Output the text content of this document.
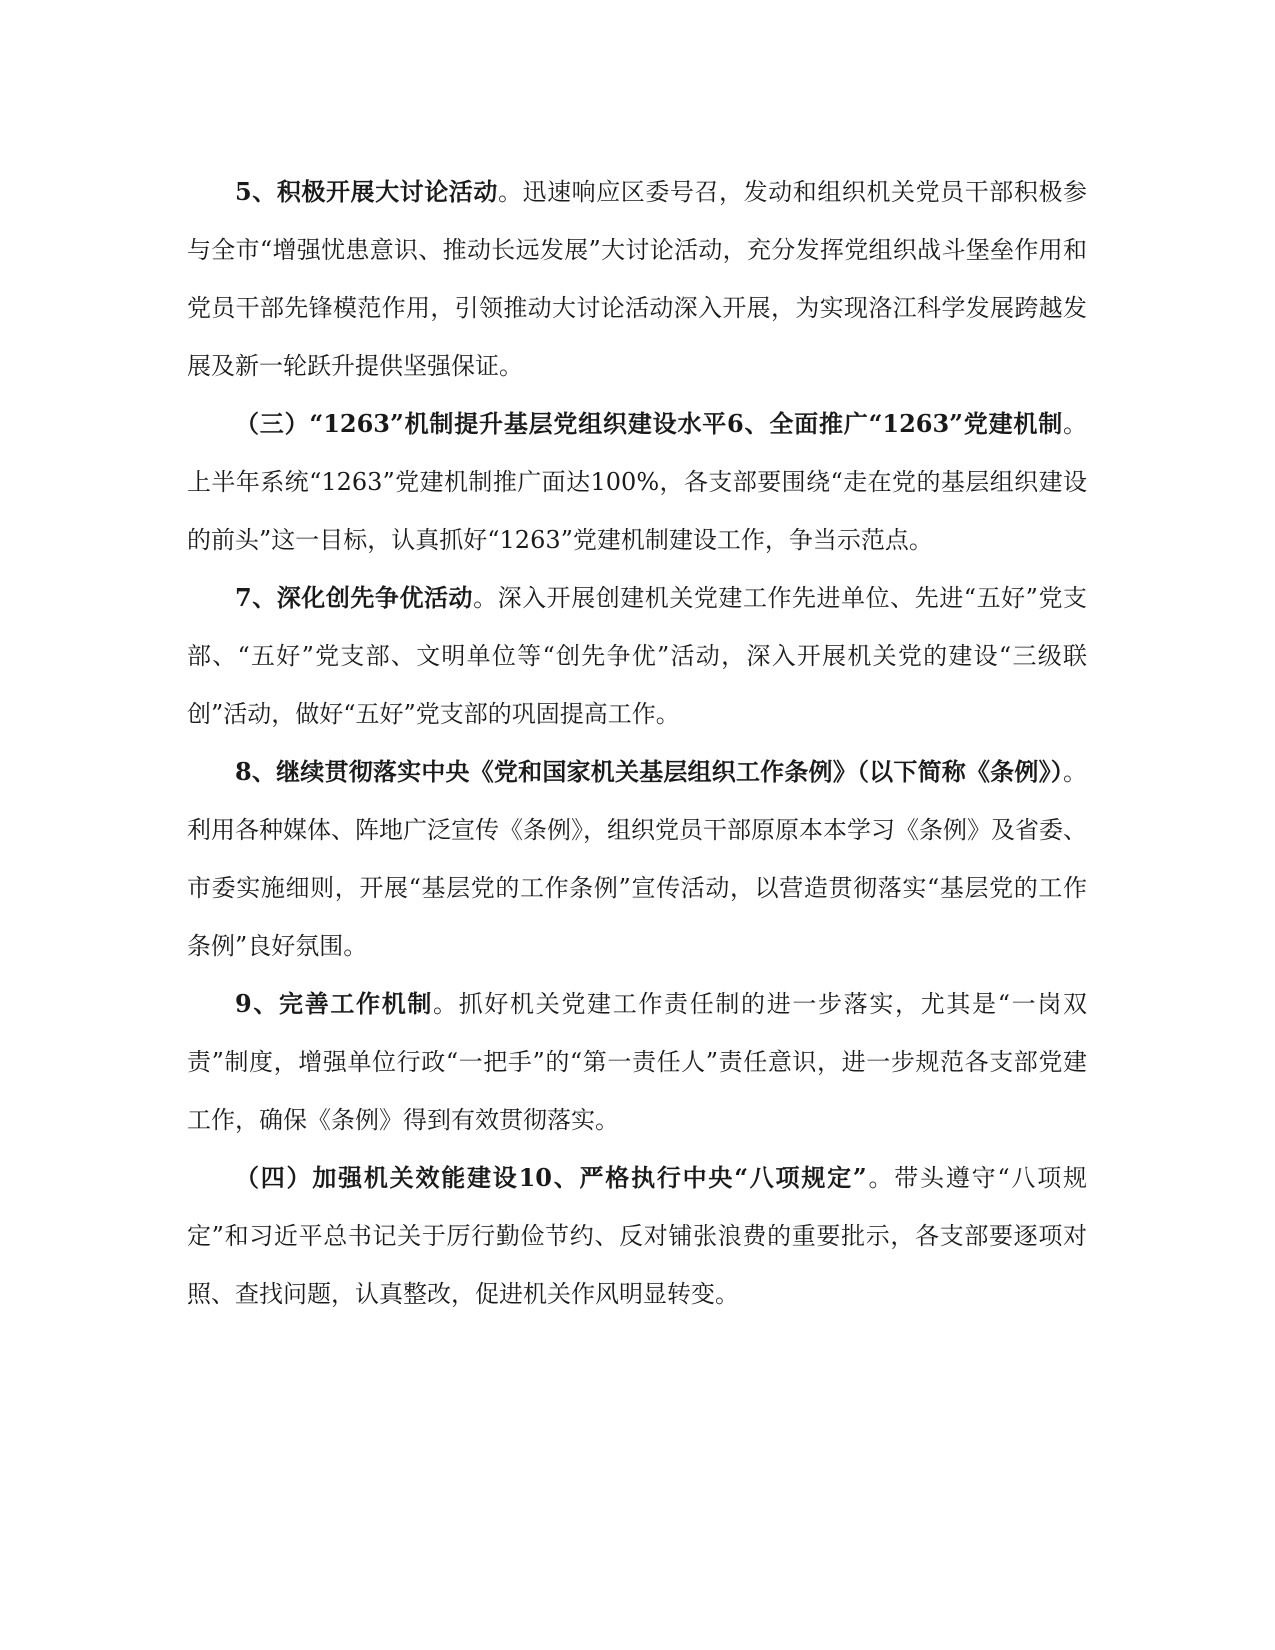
5、积极开展大讨论活动。迅速响应区委号召，发动和组织机关党员干部积极参与全市“增强忧患意识、推动长远发展”大讨论活动，充分发挥党组织战斗堡垒作用和党员干部先锋模范作用，引领推动大讨论活动深入开展，为实现洛江科学发展跨越发展及新一轮跃升提供坚强保证。

（三）“1263”机制提升基层党组织建设水平6、全面推广“1263”党建机制。上半年系统“1263”党建机制推广面达100%，各支部要围绕“走在党的基层组织建设的前头”这一目标，认真抓好“1263”党建机制建设工作，争当示范点。

7、深化创先争优活动。深入开展创建机关党建工作先进单位、先进“五好”党支部、“五好”党支部、文明单位等“创先争优”活动，深入开展机关党的建设“三级联创”活动，做好“五好”党支部的巩固提高工作。

8、继续贯彻落实中央《党和国家机关基层组织工作条例》（以下简称《条例》）。利用各种媒体、阵地广泛宣传《条例》，组织党员干部原原本本学习《条例》及省委、市委实施细则，开展“基层党的工作条例”宣传活动，以营造贯彻落实“基层党的工作条例”良好氛围。

9、完善工作机制。抓好机关党建工作责任制的进一步落实，尤其是“一岗双责”制度，增强单位行政“一把手”的“第一责任人”责任意识，进一步规范各支部党建工作，确保《条例》得到有效贯彻落实。

（四）加强机关效能建设10、严格执行中央“八项规定”。带头遵守“八项规定”和习近平总书记关于厉行勤俭节约、反对铺张浪费的重要批示，各支部要逐项对照、查找问题，认真整改，促进机关作风明显转变。
